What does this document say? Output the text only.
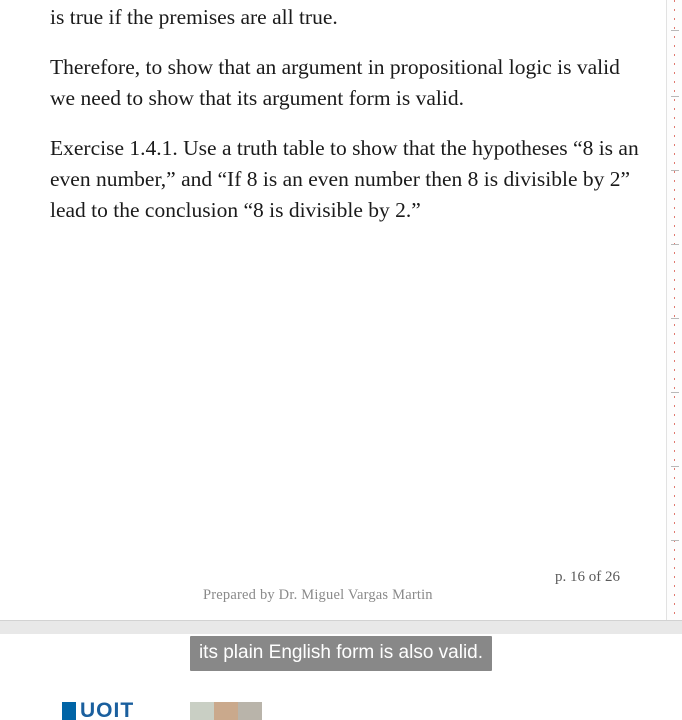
is true if the premises are all true.

Therefore, to show that an argument in propositional logic is valid we need to show that its argument form is valid.

Exercise 1.4.1. Use a truth table to show that the hypotheses “8 is an even number,” and “If 8 is an even number then 8 is divisible by 2” lead to the conclusion “8 is divisible by 2.”

p. 16 of 26
Prepared by Dr. Miguel Vargas Martin
its plain English form is also valid.
UOIT
